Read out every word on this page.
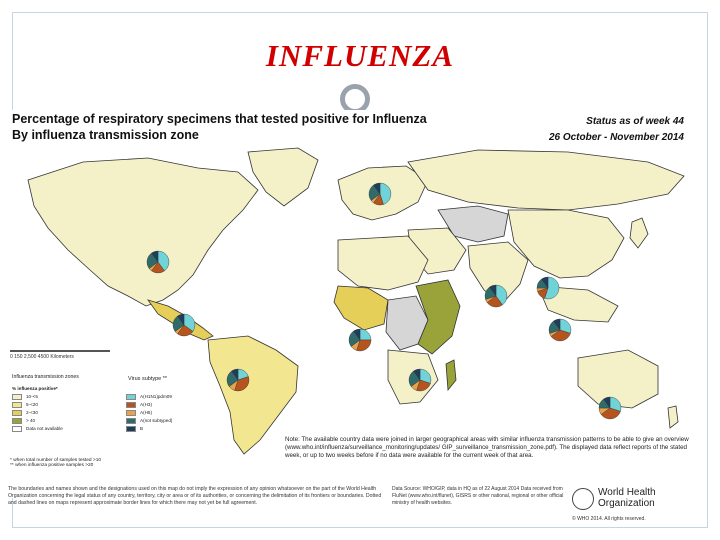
INFLUENZA
Percentage of respiratory specimens that tested positive for Influenza
By influenza transmission zone
Status as of week 44
26 October - November 2014
0 150 2,500 4500 Kilometers
Influenza transmission zones	Virus subtype **
% influenza positive*
10-<5
5-<20
2-<30
> 40
Data not available
A(H1N1)pdm09
A(H3)
A(H5)
A(not subtyped)
B
* when total number of samples tested >10
** when influenza positive samples >20
Note: The available country data were joined in larger geographical areas with similar influenza transmission patterns to be able to give an overview (www.who.int/influenza/surveillance_monitoring/updates/ GIP_surveillance_transmission_zone.pdf). The displayed data reflect reports of the stated week, or up to two weeks before if no data were available for the current week of that area.
The boundaries and names shown and the designations used on this map do not imply the expression of any opinion whatsoever on the part of the World Health Organization concerning the legal status of any country, territory, city or area or of its authorities, or concerning the delimitation of its frontiers or boundaries. Dotted and dashed lines on maps represent approximate border lines for which there may not yet be full agreement.
Data Source: WHO/GIP, data in HQ as of 22 August 2014 Data received from FluNet (www.who.int/flunet), GISRS or other national, regional or other official ministry of health websites.
World Health
Organization
© WHO 2014. All rights reserved.
